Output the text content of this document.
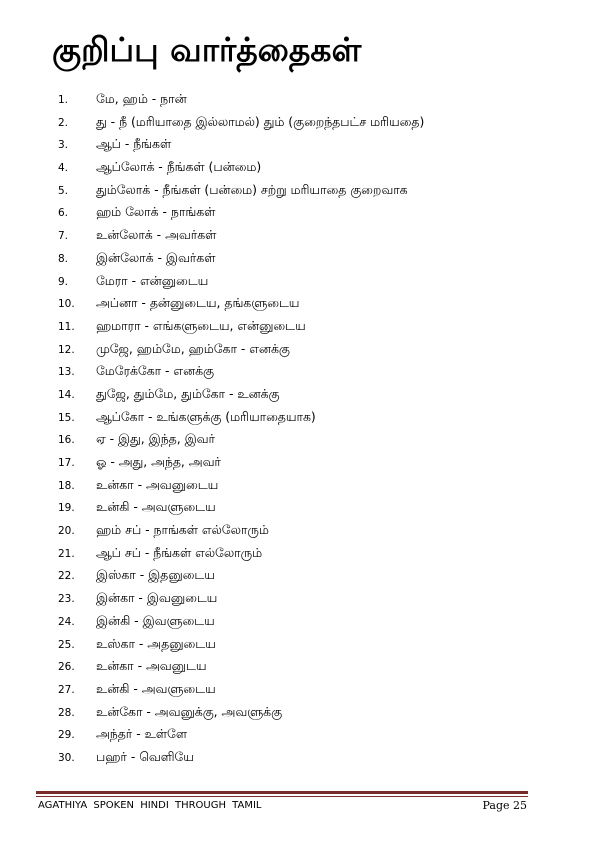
குறிப்பு வார்த்தைகள்
1. மே, ஹம் - நான்
2. து - நீ (மரியாதை இல்லாமல்) தும் (குறைந்தபட்ச மரியதை)
3. ஆப் - நீங்கள்
4. ஆப்லோக் - நீங்கள் (பன்மை)
5. தும்லோக் - நீங்கள் (பன்மை) சற்று மரியாதை குறைவாக
6. ஹம் லோக் - நாங்கள்
7. உன்லோக் - அவர்கள்
8. இன்லோக் - இவர்கள்
9. மேரா - என்னுடைய
10. அப்னா - தன்னுடைய, தங்களுடைய
11. ஹமாரா - எங்களுடைய, என்னுடைய
12. முஜே, ஹம்மே, ஹம்கோ - எனக்கு
13. மேரேக்கோ - எனக்கு
14. துஜே, தும்மே, தும்கோ - உனக்கு
15. ஆப்கோ - உங்களுக்கு (மரியாதையாக)
16. ஏ - இது, இந்த, இவர்
17. ஓ - அது, அந்த, அவர்
18. உன்கா - அவனுடைய
19. உன்கி - அவளுடைய
20. ஹம் சப் - நாங்கள் எல்லோரும்
21. ஆப் சப் - நீங்கள் எல்லோரும்
22. இஸ்கா - இதனுடைய
23. இன்கா - இவனுடைய
24. இன்கி - இவளுடைய
25. உஸ்கா - அதனுடைய
26. உன்கா - அவனுடய
27. உன்கி - அவளுடைய
28. உன்கோ - அவனுக்கு, அவளுக்கு
29. அந்தர் - உள்ளே
30. பஹர் - வெளியே
AGATHIYA SPOKEN HINDI THROUGH TAMIL	Page 25
